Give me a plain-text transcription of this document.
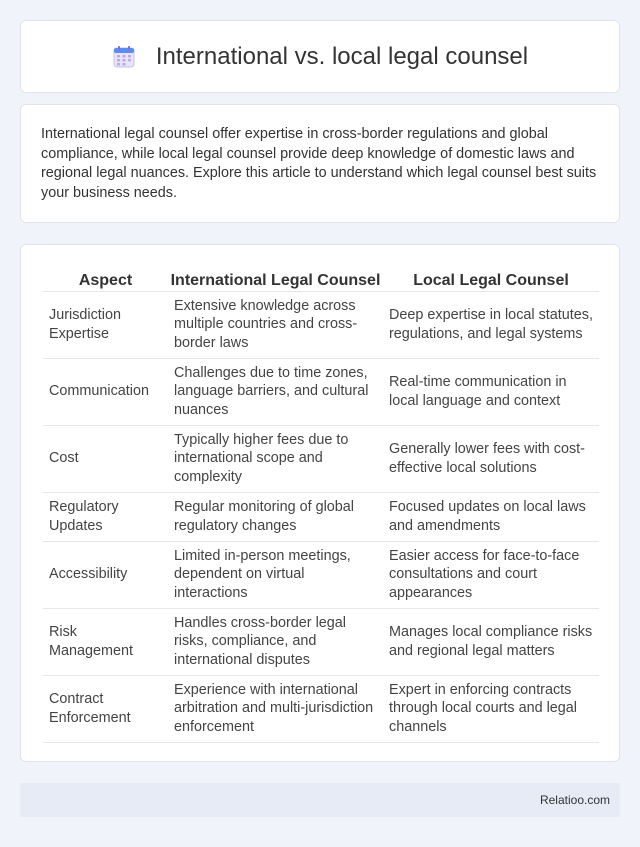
International vs. local legal counsel

International legal counsel offer expertise in cross-border regulations and global compliance, while local legal counsel provide deep knowledge of domestic laws and regional legal nuances. Explore this article to understand which legal counsel best suits your business needs.

Aspect	International Legal Counsel	Local Legal Counsel
Jurisdiction Expertise	Extensive knowledge across multiple countries and cross-border laws	Deep expertise in local statutes, regulations, and legal systems
Communication	Challenges due to time zones, language barriers, and cultural nuances	Real-time communication in local language and context
Cost	Typically higher fees due to international scope and complexity	Generally lower fees with cost-effective local solutions
Regulatory Updates	Regular monitoring of global regulatory changes	Focused updates on local laws and amendments
Accessibility	Limited in-person meetings, dependent on virtual interactions	Easier access for face-to-face consultations and court appearances
Risk Management	Handles cross-border legal risks, compliance, and international disputes	Manages local compliance risks and regional legal matters
Contract Enforcement	Experience with international arbitration and multi-jurisdiction enforcement	Expert in enforcing contracts through local courts and legal channels
Relatioo.com
